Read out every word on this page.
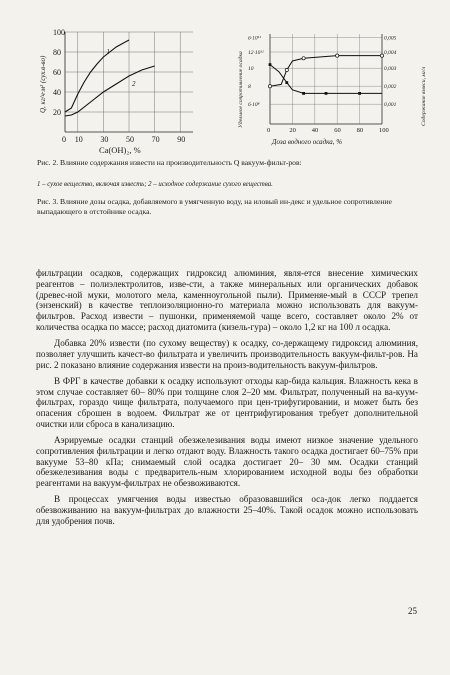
1
2
0 10 30 50 70 90
20
40
60
80
100
Q, кг/ч·м² (сух.в-во)
Ca(OH)₂, %
0	20 40 60 80 100
6·10¹¹	0,005
12·10¹²	0,004
10	0,003
8	0,002
6·10⁸	0,001
Удельное сопротивление осадка	Содержание взвеси, мг/л
Доза водного осадка, %
Рис. 2. Влияние содержания извести на производительность Q вакуум-фильт-ров:
1 – сухое вещество, включая известь; 2 – исходное содержание сухого вещества.
Рис. 3. Влияние дозы осадка, добавляемого в умягченную воду, на иловый ин-декс и удельное сопротивление выпадающего в отстойнике осадка.

фильтрации осадков, содержащих гидроксид алюминия, явля-ется внесение химических реагентов – полиэлектролитов, изве-сти, а также минеральных или органических добавок (древес-ной муки, молотого мела, каменноугольной пыли). Применяе-мый в СССР трепел (энзенский) в качестве теплоизоляционно-го материала можно использовать для вакуум-фильтров. Расход извести – пушонки, применяемой чаще всего, составляет около 2% от количества осадка по массе; расход диатомита (кизель-гура) – около 1,2 кг на 100 л осадка.

Добавка 20% извести (по сухому веществу) к осадку, со-держащему гидроксид алюминия, позволяет улучшить качест-во фильтрата и увеличить производительность вакуум-фильт-ров. На рис. 2 показано влияние содержания извести на произ-водительность вакуум-фильтров.

В ФРГ в качестве добавки к осадку используют отходы кар-бида кальция. Влажность кека в этом случае составляет 60– 80% при толщине слоя 2–20 мм. Фильтрат, полученный на ва-куум-фильтрах, гораздо чище фильтрата, получаемого при цен-трифугировании, и может быть без опасения сброшен в водоем. Фильтрат же от центрифугирования требует дополнительной очистки или сброса в канализацию.

Аэрируемые осадки станций обезжелезивания воды имеют низкое значение удельного сопротивления фильтрации и легко отдают воду. Влажность такого осадка достигает 60–75% при вакууме 53–80 кПа; снимаемый слой осадка достигает 20– 30 мм. Осадки станций обезжелезивания воды с предваритель-ным хлорированием исходной воды без обработки реагентами на вакуум-фильтрах не обезвоживаются.

В процессах умягчения воды известью образовавшийся оса-док легко поддается обезвоживанию на вакуум-фильтрах до влажности 25–40%. Такой осадок можно использовать для удобрения почв.

25
